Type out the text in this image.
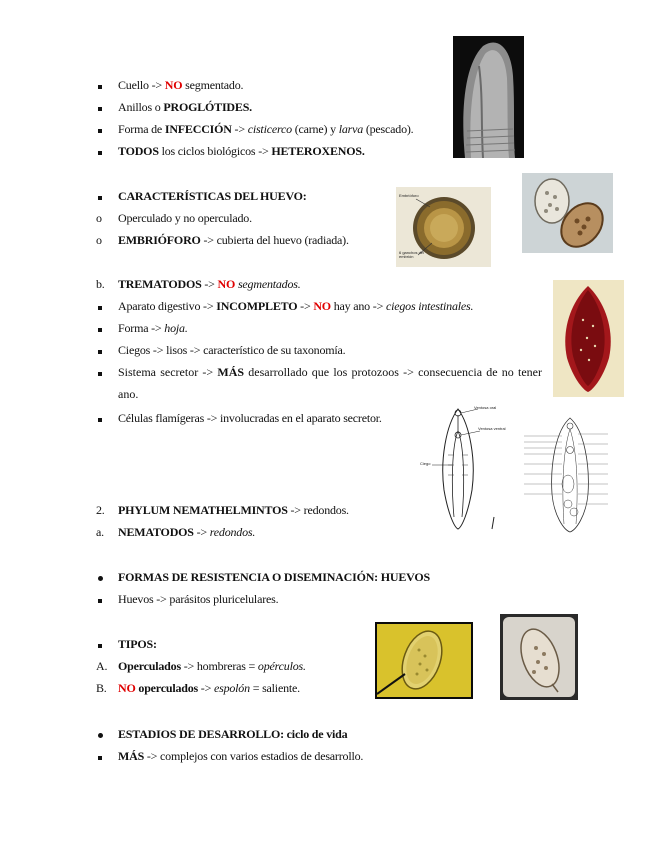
Cuello -> NO segmentado.
Anillos o PROGLÓTIDES.
Forma de INFECCIÓN -> cisticerco (carne) y larva (pescado).
TODOS los ciclos biológicos -> HETEROXENOS.
CARACTERÍSTICAS DEL HUEVO:
o	Operculado y no operculado.
o	EMBRIÓFORO -> cubierta del huevo (radiada).
b.	TREMATODOS -> NO segmentados.
Aparato digestivo -> INCOMPLETO -> NO hay ano -> ciegos intestinales.
Forma -> hoja.
Ciegos -> lisos -> característico de su taxonomía.
Sistema secretor -> MÁS desarrollado que los protozoos -> consecuencia de no tener ano.
Células flamígeras -> involucradas en el aparato secretor.
2.	PHYLUM NEMATHELMINTOS -> redondos.
a.	NEMATODOS -> redondos.
FORMAS DE RESISTENCIA O DISEMINACIÓN: HUEVOS
Huevos -> parásitos pluricelulares.
TIPOS:
A. Operculados -> hombreras = opérculos.
B. NO operculados -> espolón = saliente.
ESTADIOS DE DESARROLLO: ciclo de vida
MÁS -> complejos con varios estadios de desarrollo.
Embrióforo
6 ganchos del embrión
Ventosa oral
Ventosa ventral
Ciego
